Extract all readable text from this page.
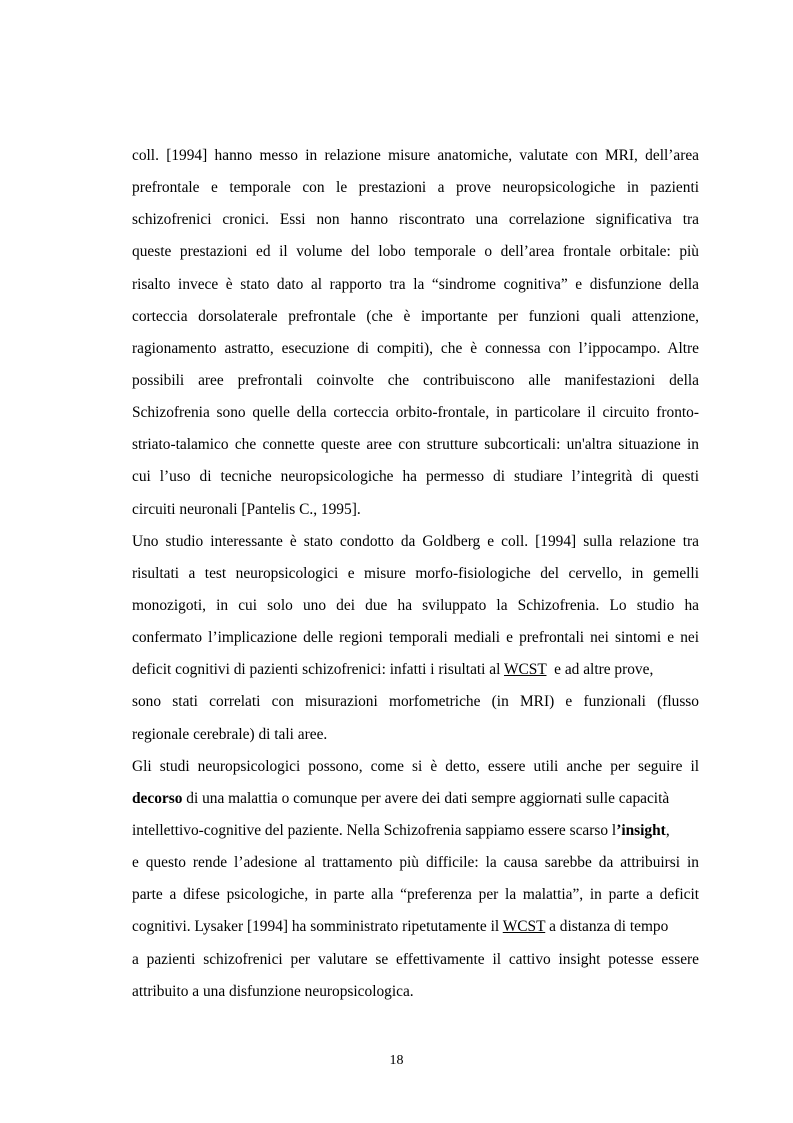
coll. [1994] hanno messo in relazione misure anatomiche, valutate con MRI, dell’area
prefrontale e temporale con le prestazioni a prove neuropsicologiche in pazienti
schizofrenici cronici. Essi non hanno riscontrato una correlazione significativa tra
queste prestazioni ed il volume del lobo temporale o dell’area frontale orbitale: più
risalto invece è stato dato al rapporto tra la “sindrome cognitiva” e disfunzione della
corteccia dorsolaterale prefrontale (che è importante per funzioni quali attenzione,
ragionamento astratto, esecuzione di compiti), che è connessa con l’ippocampo. Altre
possibili aree prefrontali coinvolte che contribuiscono alle manifestazioni della
Schizofrenia sono quelle della corteccia orbito-frontale, in particolare il circuito fronto-
striato-talamico che connette queste aree con strutture subcorticali: un'altra situazione in
cui l’uso di tecniche neuropsicologiche ha permesso di studiare l’integrità di questi
circuiti neuronali [Pantelis C., 1995].
Uno studio interessante è stato condotto da Goldberg e coll. [1994] sulla relazione tra
risultati a test neuropsicologici e misure morfo-fisiologiche del cervello, in gemelli
monozigoti, in cui solo uno dei due ha sviluppato la Schizofrenia. Lo studio ha
confermato l’implicazione delle regioni temporali mediali e prefrontali nei sintomi e nei
deficit cognitivi di pazienti schizofrenici: infatti i risultati al WCST  e ad altre prove,
sono stati correlati con misurazioni morfometriche (in MRI) e funzionali (flusso
regionale cerebrale) di tali aree.
Gli studi neuropsicologici possono, come si è detto, essere utili anche per seguire il
decorso di una malattia o comunque per avere dei dati sempre aggiornati sulle capacità
intellettivo-cognitive del paziente. Nella Schizofrenia sappiamo essere scarso l’insight,
e questo rende l’adesione al trattamento più difficile: la causa sarebbe da attribuirsi in
parte a difese psicologiche, in parte alla “preferenza per la malattia”, in parte a deficit
cognitivi. Lysaker [1994] ha somministrato ripetutamente il WCST a distanza di tempo
a pazienti schizofrenici per valutare se effettivamente il cattivo insight potesse essere
attribuito a una disfunzione neuropsicologica.
18
